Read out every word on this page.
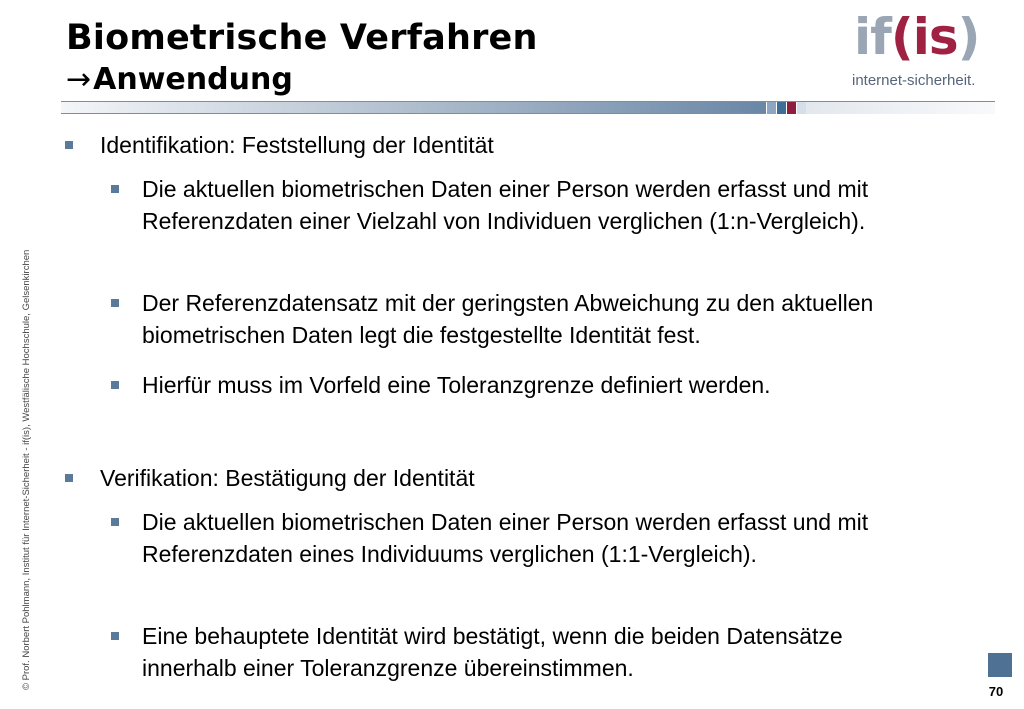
Biometrische Verfahren
→Anwendung

if(is)

internet-sicherheit.

© Prof. Norbert Pohlmann, Institut für Internet-Sicherheit - if(is), Westfälische Hochschule, Gelsenkirchen

Identifikation: Feststellung der Identität

Die aktuellen biometrischen Daten einer Person werden erfasst und mit Referenzdaten einer Vielzahl von Individuen verglichen (1:n-Vergleich).

Der Referenzdatensatz mit der geringsten Abweichung zu den aktuellen biometrischen Daten legt die festgestellte Identität fest.

Hierfür muss im Vorfeld eine Toleranzgrenze definiert werden.

Verifikation: Bestätigung der Identität

Die aktuellen biometrischen Daten einer Person werden erfasst und mit Referenzdaten eines Individuums verglichen (1:1-Vergleich).

Eine behauptete Identität wird bestätigt, wenn die beiden Datensätze innerhalb einer Toleranzgrenze übereinstimmen.

70
